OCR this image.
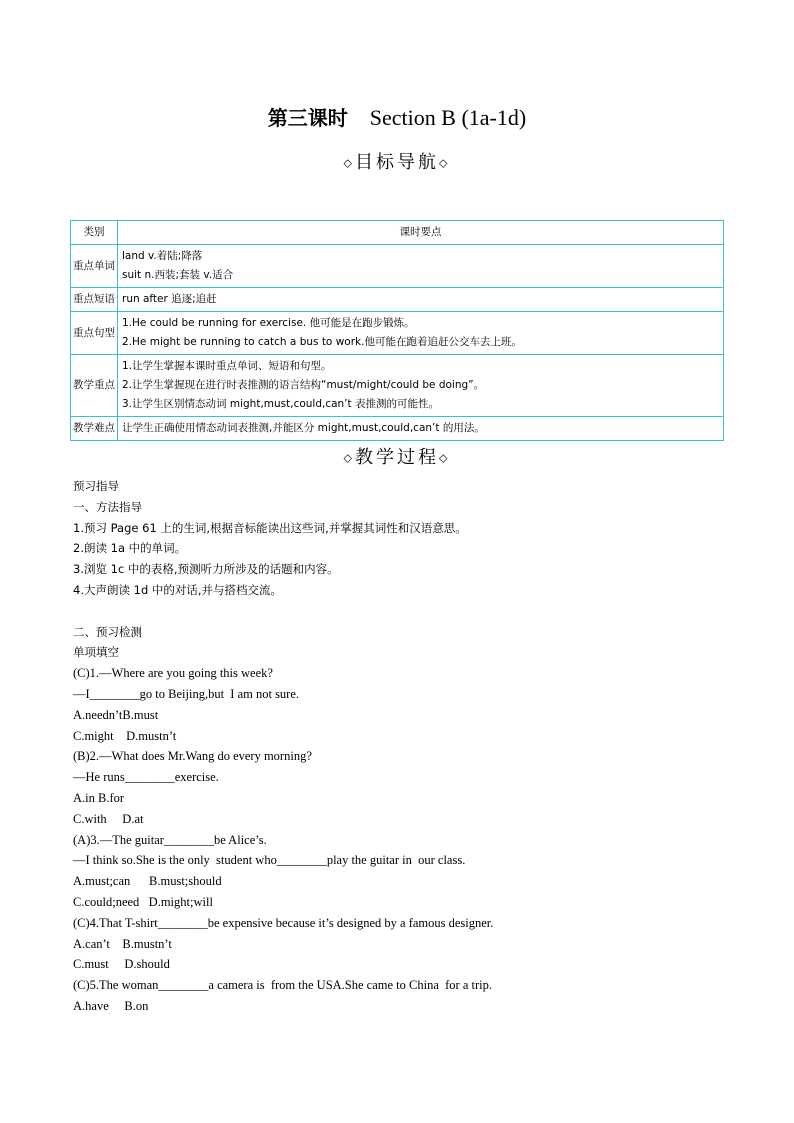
第三课时 Section B (1a-1d)
◇目标导航◇
类别	课时要点
重点单词	land v.着陆;降落
suit n.西装;套装 v.适合

重点短语	run after 追逐;追赶

重点句型	1.He could be running for exercise. 他可能是在跑步锻炼。
2.He might be running to catch a bus to work.他可能在跑着追赶公交车去上班。

教学重点	1.让学生掌握本课时重点单词、短语和句型。
2.让学生掌握现在进行时表推测的语言结构“must/might/could be doing”。
3.让学生区别情态动词 might,must,could,can’t 表推测的可能性。

教学难点	让学生正确使用情态动词表推测,并能区分 might,must,could,can’t 的用法。
◇教学过程◇
预习指导
一、方法指导
1.预习 Page 61 上的生词,根据音标能读出这些词,并掌握其词性和汉语意思。
2.朗读 1a 中的单词。
3.浏览 1c 中的表格,预测听力所涉及的话题和内容。
4.大声朗读 1d 中的对话,并与搭档交流。
二、预习检测
单项填空
(C)1.—Where are you going this week?
—I________go to Beijing,but  I am not sure.
A.needn’tB.must
C.might    D.mustn’t
(B)2.—What does Mr.Wang do every morning?
—He runs________exercise.
A.in B.for
C.with     D.at
(A)3.—The guitar________be Alice’s.
—I think so.She is the only  student who________play the guitar in  our class.
A.must;can      B.must;should
C.could;need   D.might;will
(C)4.That T-shirt________be expensive because it’s designed by a famous designer.
A.can’t    B.mustn’t
C.must     D.should
(C)5.The woman________a camera is  from the USA.She came to China  for a trip.
A.have     B.on
